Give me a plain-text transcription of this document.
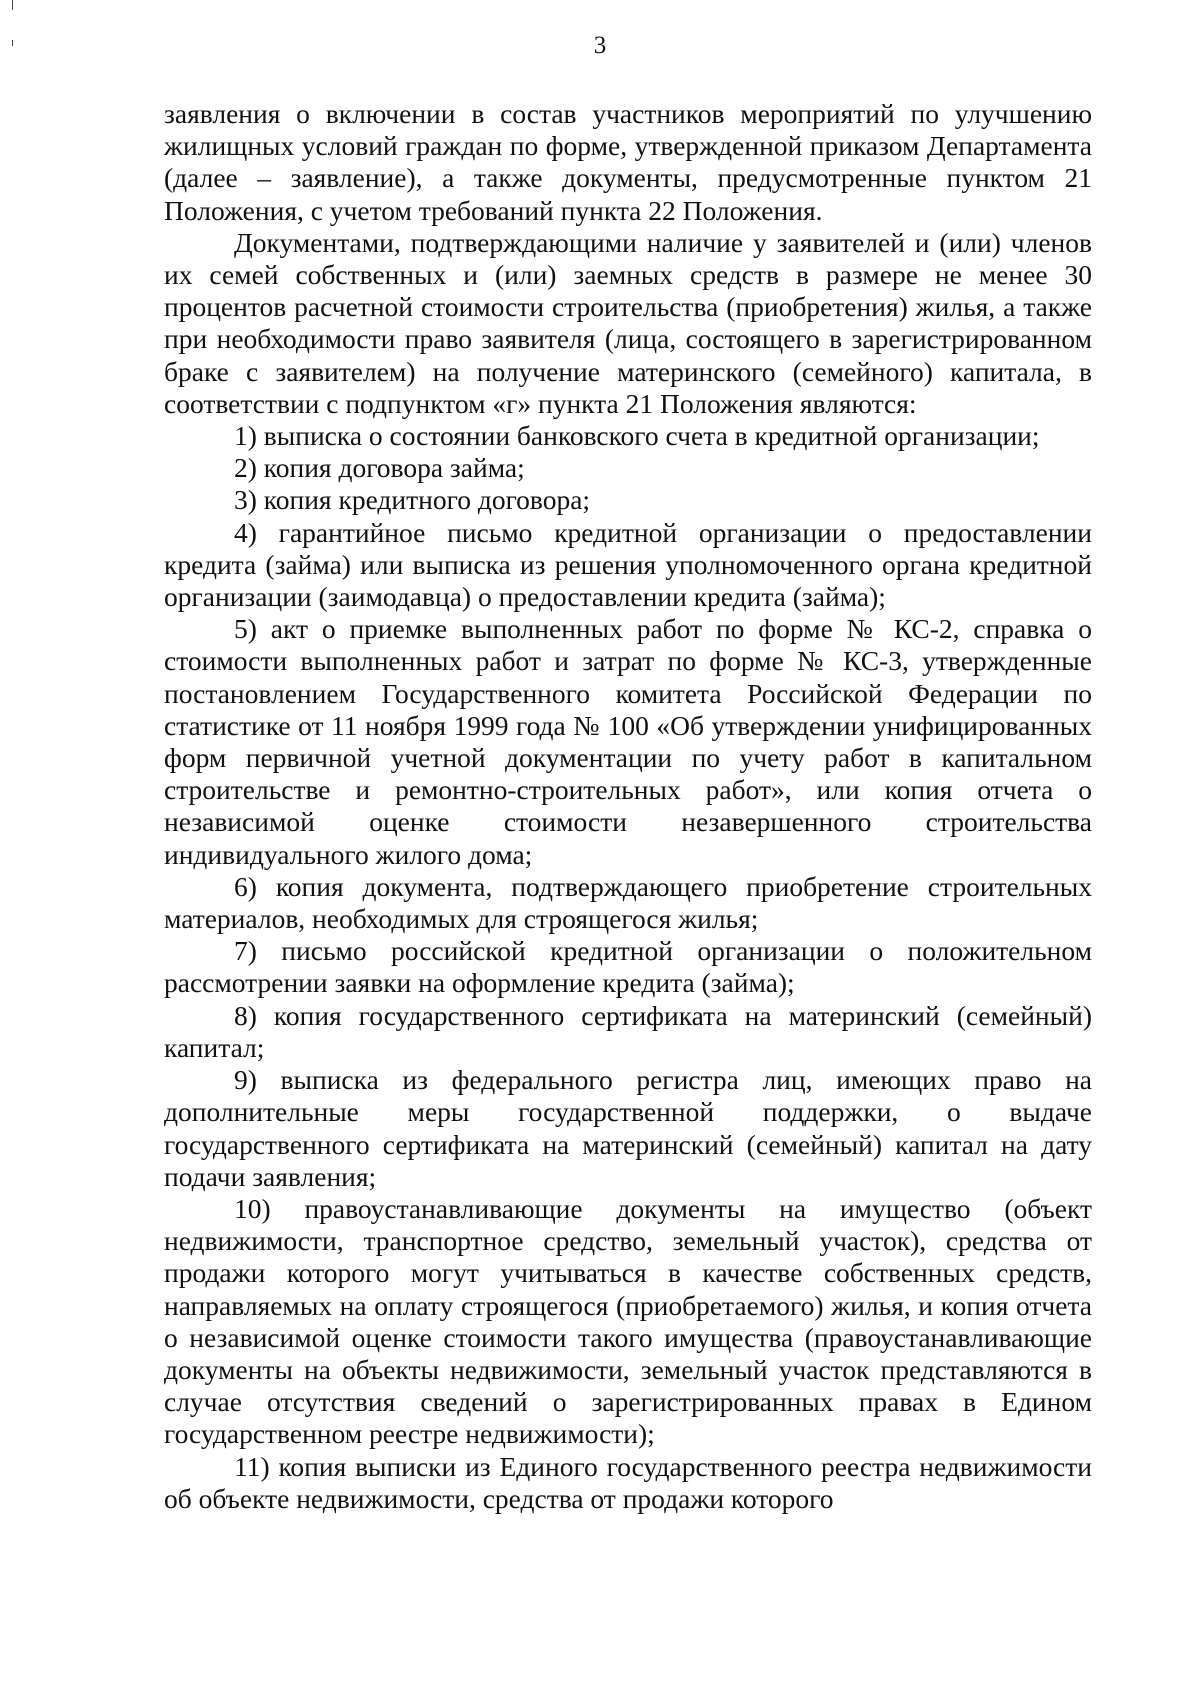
3

заявления о включении в состав участников мероприятий по улучшению жилищных условий граждан по форме, утвержденной приказом Департамента (далее – заявление), а также документы, предусмотренные пунктом 21 Положения, с учетом требований пункта 22 Положения.

Документами, подтверждающими наличие у заявителей и (или) членов их семей собственных и (или) заемных средств в размере не менее 30 процентов расчетной стоимости строительства (приобретения) жилья, а также при необходимости право заявителя (лица, состоящего в зарегистрированном браке с заявителем) на получение материнского (семейного) капитала, в соответствии с подпунктом «г» пункта 21 Положения являются:

1) выписка о состоянии банковского счета в кредитной организации;

2) копия договора займа;

3) копия кредитного договора;

4) гарантийное письмо кредитной организации о предоставлении кредита (займа) или выписка из решения уполномоченного органа кредитной организации (заимодавца) о предоставлении кредита (займа);

5) акт о приемке выполненных работ по форме № КС-2, справка о стоимости выполненных работ и затрат по форме № КС-3, утвержденные постановлением Государственного комитета Российской Федерации по статистике от 11 ноября 1999 года № 100 «Об утверждении унифицированных форм первичной учетной документации по учету работ в капитальном строительстве и ремонтно-строительных работ», или копия отчета о независимой оценке стоимости незавершенного строительства индивидуального жилого дома;

6) копия документа, подтверждающего приобретение строительных материалов, необходимых для строящегося жилья;

7) письмо российской кредитной организации о положительном рассмотрении заявки на оформление кредита (займа);

8) копия государственного сертификата на материнский (семейный) капитал;

9) выписка из федерального регистра лиц, имеющих право на дополнительные меры государственной поддержки, о выдаче государственного сертификата на материнский (семейный) капитал на дату подачи заявления;

10) правоустанавливающие документы на имущество (объект недвижимости, транспортное средство, земельный участок), средства от продажи которого могут учитываться в качестве собственных средств, направляемых на оплату строящегося (приобретаемого) жилья, и копия отчета о независимой оценке стоимости такого имущества (правоустанавливающие документы на объекты недвижимости, земельный участок представляются в случае отсутствия сведений о зарегистрированных правах в Едином государственном реестре недвижимости);

11) копия выписки из Единого государственного реестра недвижимости об объекте недвижимости, средства от продажи которого
